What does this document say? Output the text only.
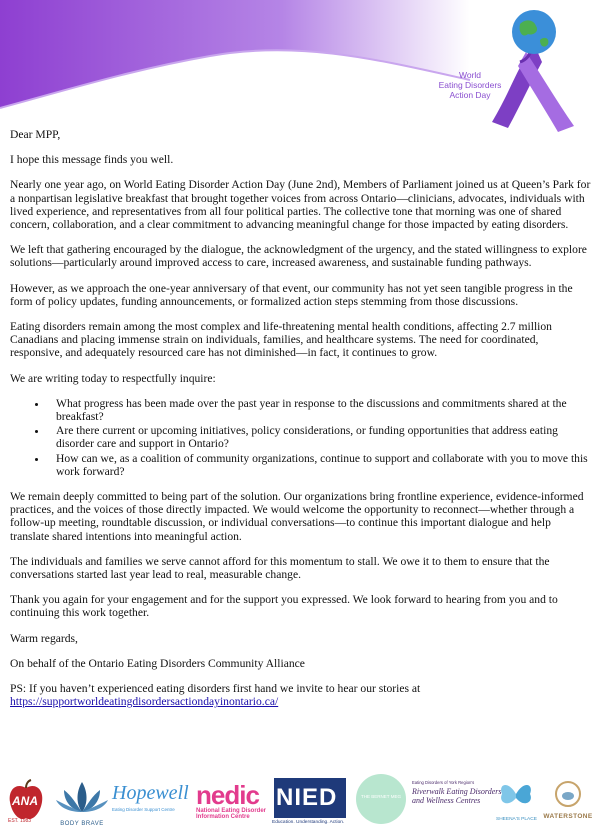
World
Eating Disorders
Action Day

Dear MPP,

I hope this message finds you well.

Nearly one year ago, on World Eating Disorder Action Day (June 2nd), Members of Parliament joined us at Queen’s Park for a nonpartisan legislative breakfast that brought together voices from across Ontario—clinicians, advocates, individuals with lived experience, and representatives from all four political parties. The collective tone that morning was one of shared concern, collaboration, and a clear commitment to advancing meaningful change for those impacted by eating disorders.

We left that gathering encouraged by the dialogue, the acknowledgment of the urgency, and the stated willingness to explore solutions—particularly around improved access to care, increased awareness, and sustainable funding pathways.

However, as we approach the one-year anniversary of that event, our community has not yet seen tangible progress in the form of policy updates, funding announcements, or formalized action steps stemming from those discussions.

Eating disorders remain among the most complex and life-threatening mental health conditions, affecting 2.7 million Canadians and placing immense strain on individuals, families, and healthcare systems. The need for coordinated, responsive, and adequately resourced care has not diminished—in fact, it continues to grow.

We are writing today to respectfully inquire:

• What progress has been made over the past year in response to the discussions and commitments shared at the breakfast?
• Are there current or upcoming initiatives, policy considerations, or funding opportunities that address eating disorder care and support in Ontario?
• How can we, as a coalition of community organizations, continue to support and collaborate with you to move this work forward?

We remain deeply committed to being part of the solution. Our organizations bring frontline experience, evidence-informed practices, and the voices of those directly impacted. We would welcome the opportunity to reconnect—whether through a follow-up meeting, roundtable discussion, or individual conversations—to continue this important dialogue and help translate shared intentions into meaningful action.

The individuals and families we serve cannot afford for this momentum to stall. We owe it to them to ensure that the conversations started last year lead to real, measurable change.

Thank you again for your engagement and for the support you expressed. We look forward to hearing from you and to continuing this work together.

Warm regards,

On behalf of the Ontario Eating Disorders Community Alliance

PS: If you haven’t experienced eating disorders first hand we invite to hear our stories at
https://supportworldeatingdisordersactiondayinontario.ca/

ANA
EST. 1983	BODY BRAVE
Hopewell
Eating Disorder Support Centre nedic
National Eating Disorder
Information Centre
NIED
Education. Understanding. Action.
THE BERNET MEG
Eating Disorders of York Region's
Riverwalk Eating Disorders
and Wellness Centres
SHEENA'S PLACE WATERSTONE
